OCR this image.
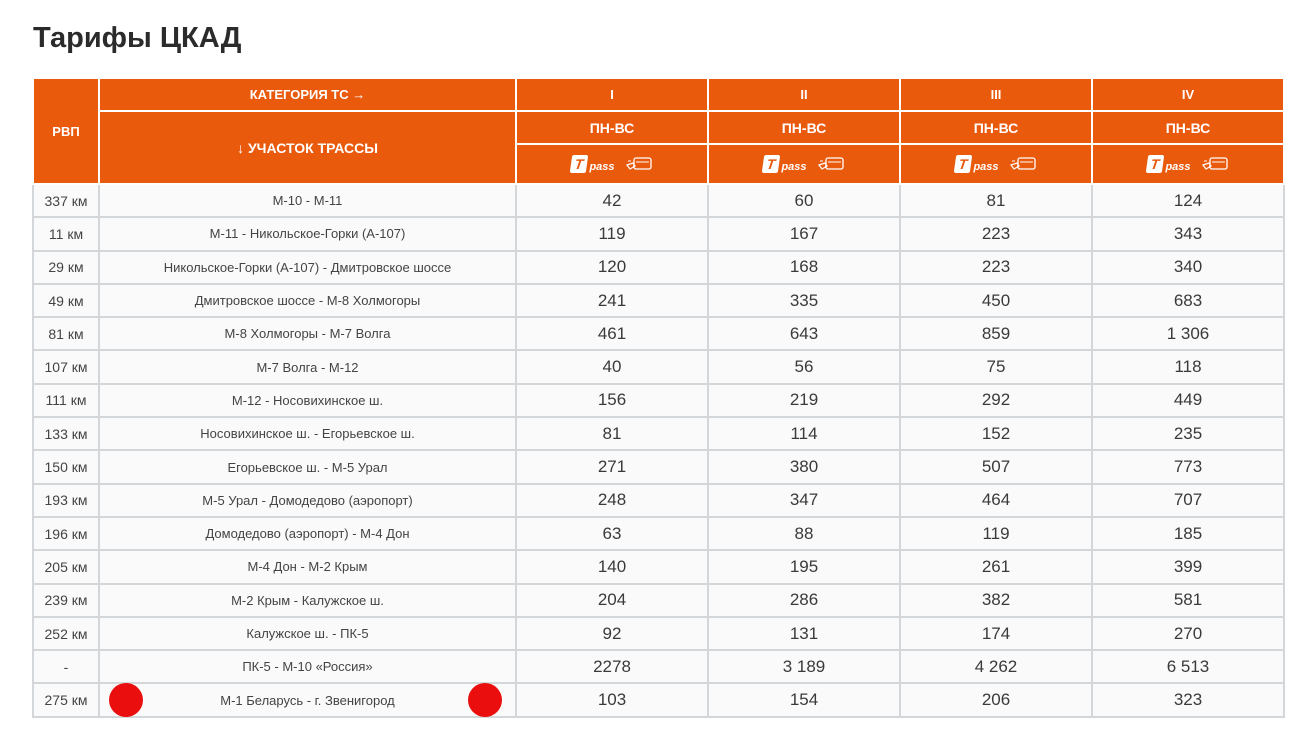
Тарифы ЦКАД
РВП	КАТЕГОРИЯ ТС →	I	II	III	IV
	↓ УЧАСТОК ТРАССЫ	ПН-ВС	ПН-ВС	ПН-ВС	ПН-ВС

		T pass	T pass	T pass	T pass

337 км	М-10 - М-11	42	60	81	124
11 км	М-11 - Никольское-Горки (А-107)	119	167	223	343
29 км	Никольское-Горки (А-107) - Дмитровское шоссе	120	168	223	340
49 км	Дмитровское шоссе - М-8 Холмогоры	241	335	450	683
81 км	М-8 Холмогоры - М-7 Волга	461	643	859	1 306
107 км	М-7 Волга - М-12	40	56	75	118
111 км	М-12 - Носовихинское ш.	156	219	292	449
133 км	Носовихинское ш. - Егорьевское ш.	81	114	152	235
150 км	Егорьевское ш. - М-5 Урал	271	380	507	773
193 км	М-5 Урал - Домодедово (аэропорт)	248	347	464	707
196 км	Домодедово (аэропорт) - М-4 Дон	63	88	119	185
205 км	М-4 Дон - М-2 Крым	140	195	261	399
239 км	М-2 Крым - Калужское ш.	204	286	382	581
252 км	Калужское ш. - ПК-5	92	131	174	270
-	ПК-5 - М-10 «Россия»	2278	3 189	4 262	6 513
275 км	М-1 Беларусь - г. Звенигород	103	154	206	323
